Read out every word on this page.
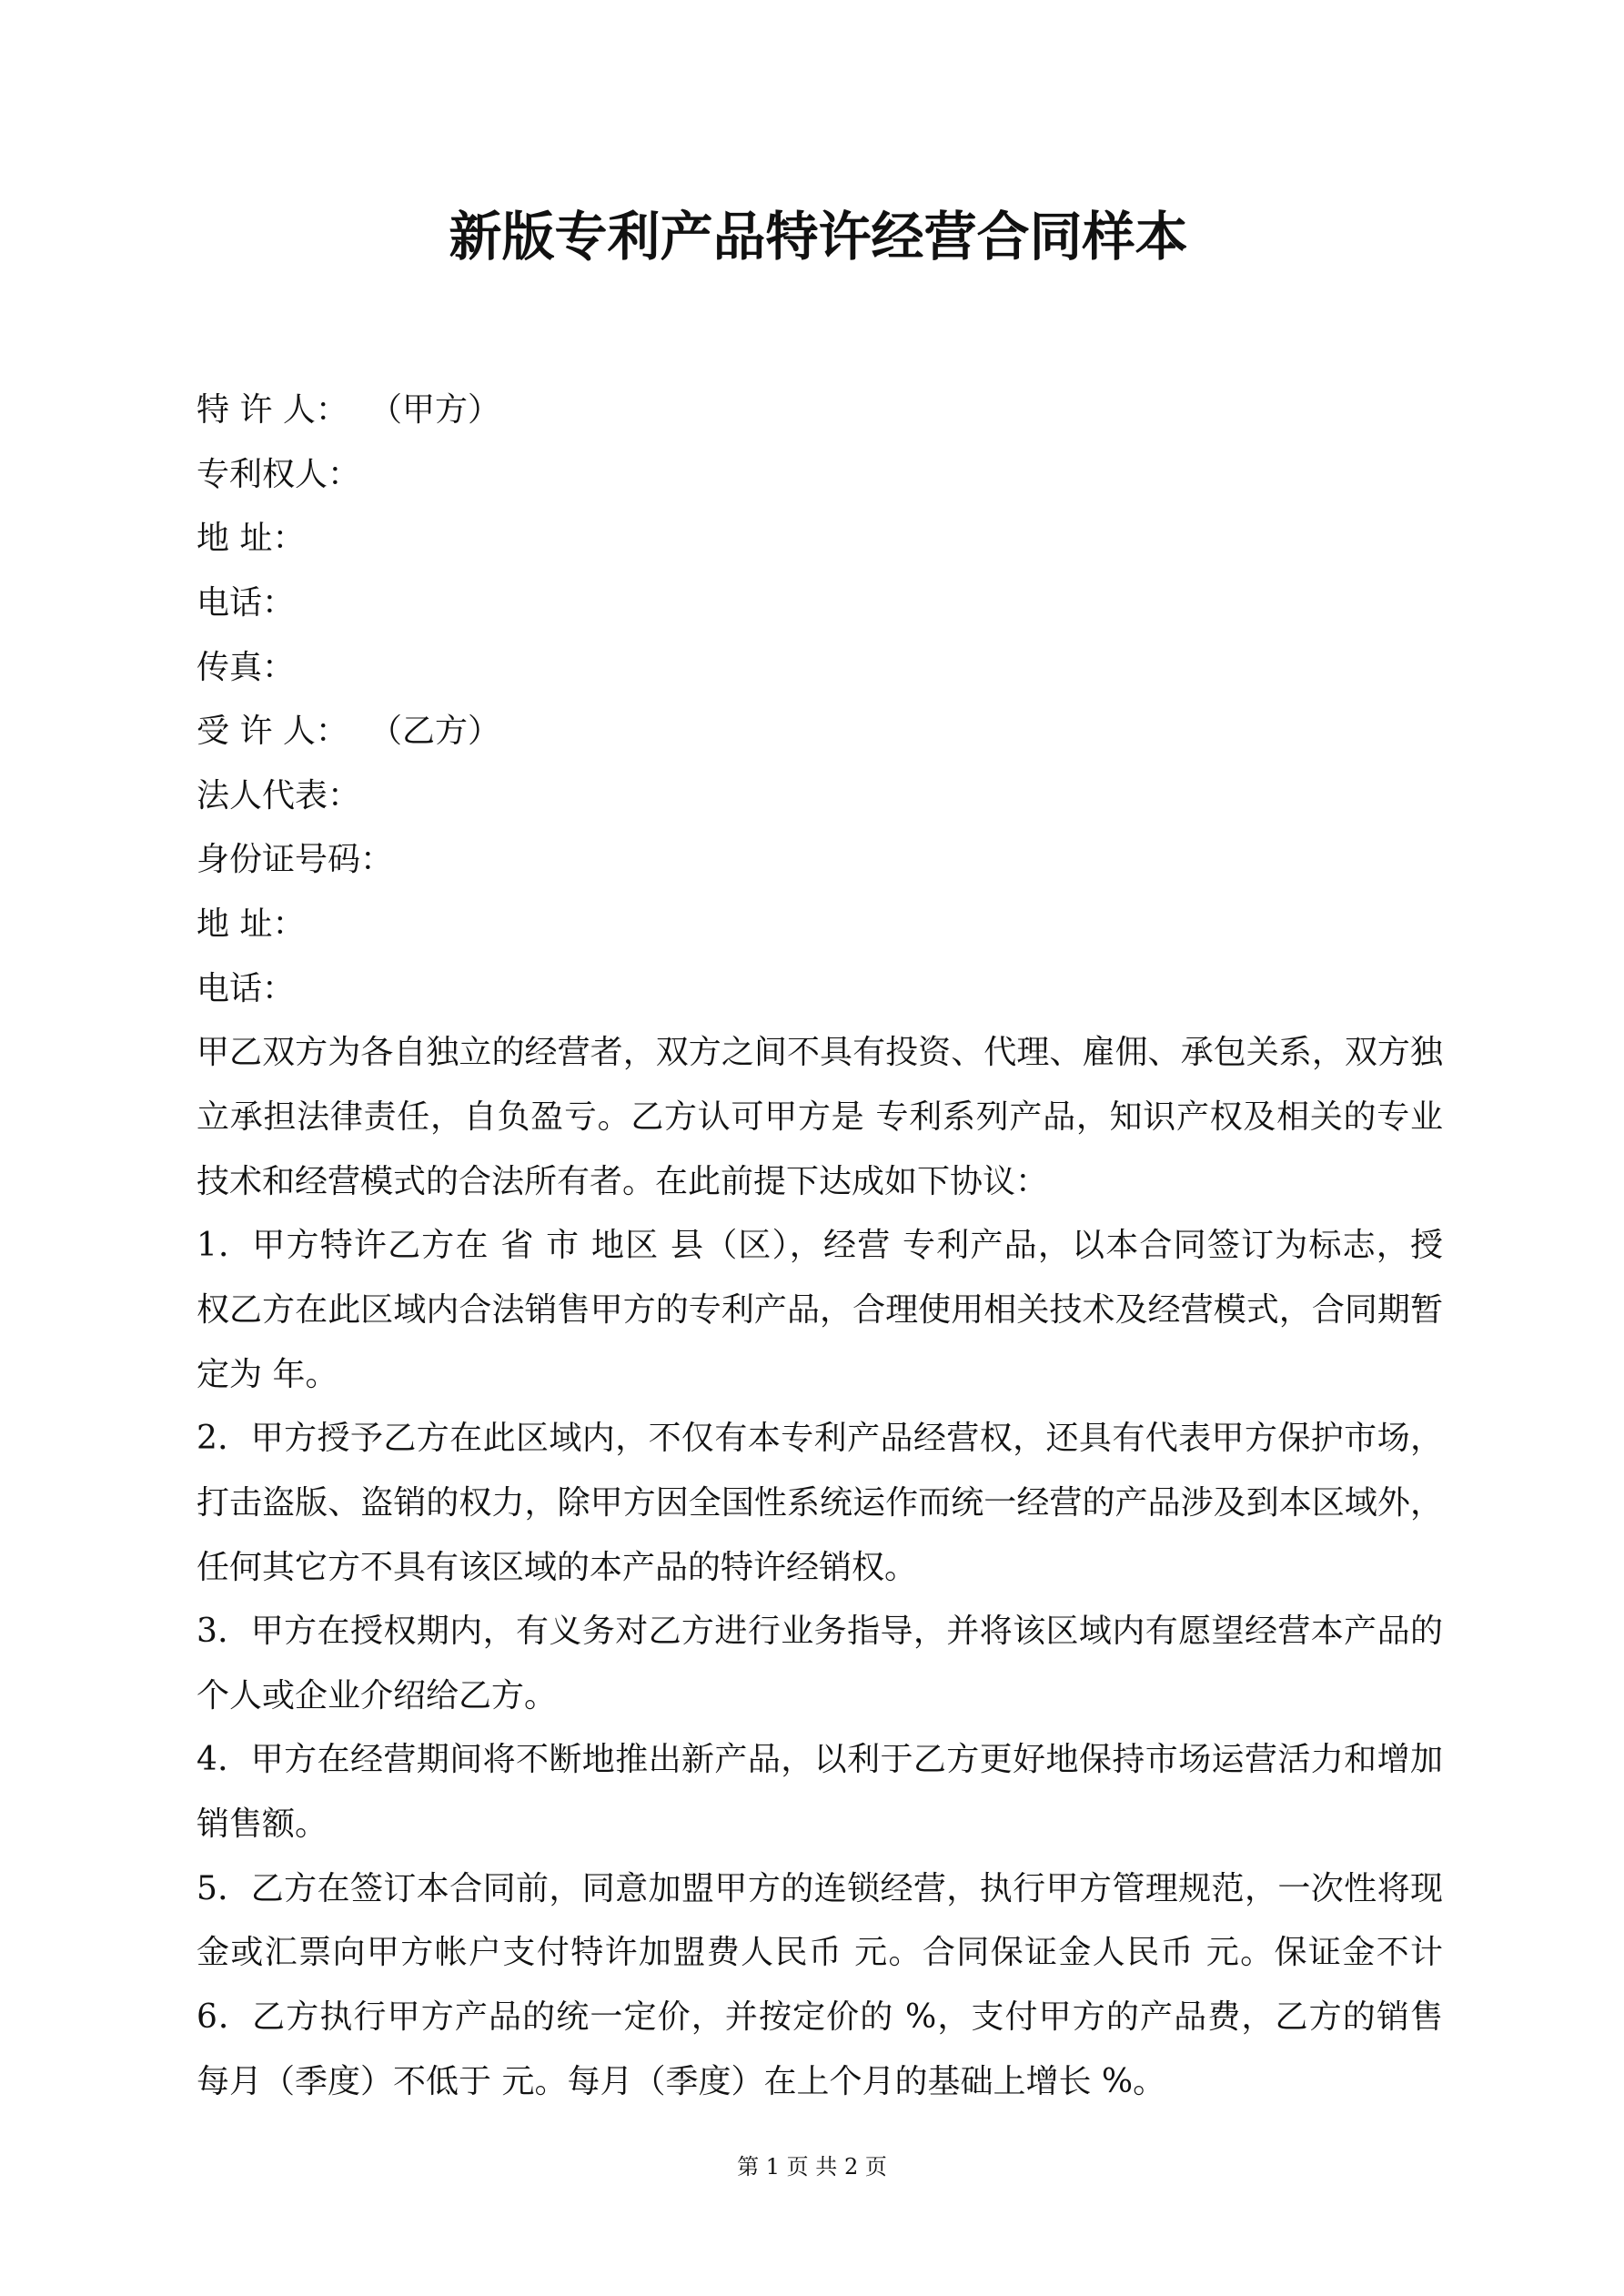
新版专利产品特许经营合同样本
特 许 人： （甲方）
专利权人：
地 址：
电话：
传真：
受 许 人： （乙方）
法人代表：
身份证号码：
地 址：
电话：
甲乙双方为各自独立的经营者，双方之间不具有投资、代理、雇佣、承包关系，双方独
立承担法律责任，自负盈亏。乙方认可甲方是 专利系列产品，知识产权及相关的专业
技术和经营模式的合法所有者。在此前提下达成如下协议：
1．甲方特许乙方在 省 市 地区 县（区），经营 专利产品，以本合同签订为标志，授
权乙方在此区域内合法销售甲方的专利产品，合理使用相关技术及经营模式，合同期暂
定为 年。
2．甲方授予乙方在此区域内，不仅有本专利产品经营权，还具有代表甲方保护市场，
打击盗版、盗销的权力，除甲方因全国性系统运作而统一经营的产品涉及到本区域外，
任何其它方不具有该区域的本产品的特许经销权。
3．甲方在授权期内，有义务对乙方进行业务指导，并将该区域内有愿望经营本产品的
个人或企业介绍给乙方。
4．甲方在经营期间将不断地推出新产品，以利于乙方更好地保持市场运营活力和增加
销售额。
5．乙方在签订本合同前，同意加盟甲方的连锁经营，执行甲方管理规范，一次性将现
金或汇票向甲方帐户支付特许加盟费人民币 元。合同保证金人民币 元。保证金不计
6．乙方执行甲方产品的统一定价，并按定价的 %，支付甲方的产品费，乙方的销售
每月（季度）不低于 元。每月（季度）在上个月的基础上增长 %。
第 1 页 共 2 页
